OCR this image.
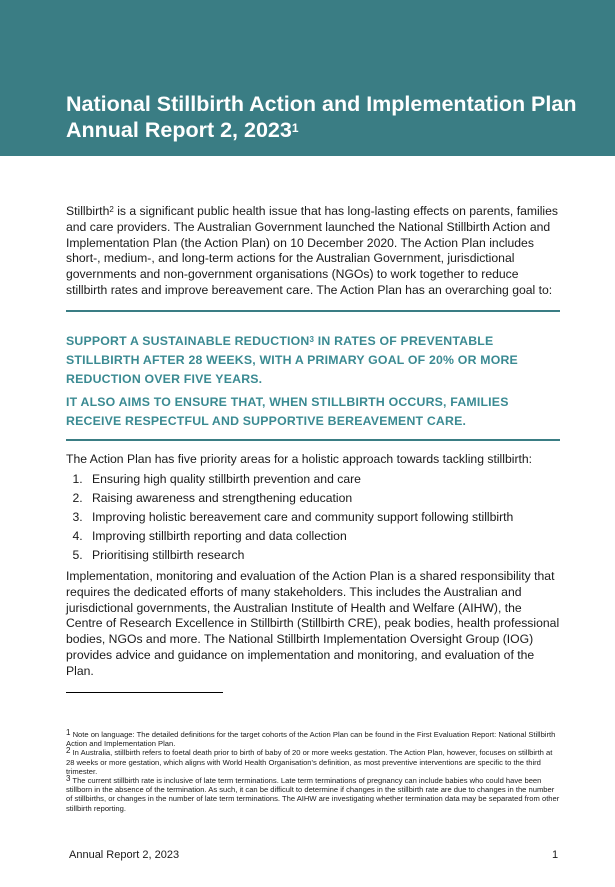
National Stillbirth Action and Implementation Plan Annual Report 2, 2023$^1$

Stillbirth$^2$ is a significant public health issue that has long-lasting effects on parents, families and care providers. The Australian Government launched the National Stillbirth Action and Implementation Plan (the Action Plan) on 10 December 2020. The Action Plan includes short-, medium-, and long-term actions for the Australian Government, jurisdictional governments and non-government organisations (NGOs) to work together to reduce stillbirth rates and improve bereavement care. The Action Plan has an overarching goal to:

SUPPORT A SUSTAINABLE REDUCTION$^3$ IN RATES OF PREVENTABLE STILLBIRTH AFTER 28 WEEKS, WITH A PRIMARY GOAL OF 20% OR MORE REDUCTION OVER FIVE YEARS.

IT ALSO AIMS TO ENSURE THAT, WHEN STILLBIRTH OCCURS, FAMILIES RECEIVE RESPECTFUL AND SUPPORTIVE BEREAVEMENT CARE.

The Action Plan has five priority areas for a holistic approach towards tackling stillbirth:

1. Ensuring high quality stillbirth prevention and care
2. Raising awareness and strengthening education
3. Improving holistic bereavement care and community support following stillbirth
4. Improving stillbirth reporting and data collection
5. Prioritising stillbirth research

Implementation, monitoring and evaluation of the Action Plan is a shared responsibility that requires the dedicated efforts of many stakeholders. This includes the Australian and jurisdictional governments, the Australian Institute of Health and Welfare (AIHW), the Centre of Research Excellence in Stillbirth (Stillbirth CRE), peak bodies, health professional bodies, NGOs and more. The National Stillbirth Implementation Oversight Group (IOG) provides advice and guidance on implementation and monitoring, and evaluation of the Plan.

$^1$ Note on language: The detailed definitions for the target cohorts of the Action Plan can be found in the First Evaluation Report: National Stillbirth Action and Implementation Plan.

$^2$ In Australia, stillbirth refers to foetal death prior to birth of baby of 20 or more weeks gestation. The Action Plan, however, focuses on stillbirth at 28 weeks or more gestation, which aligns with World Health Organisation's definition, as most preventive interventions are specific to the third trimester.

$^3$ The current stillbirth rate is inclusive of late term terminations. Late term terminations of pregnancy can include babies who could have been stillborn in the absence of the termination. As such, it can be difficult to determine if changes in the stillbirth rate are due to changes in the number of stillbirths, or changes in the number of late term terminations. The AIHW are investigating whether termination data may be separated from other stillbirth reporting.

Annual Report 2, 2023	1
